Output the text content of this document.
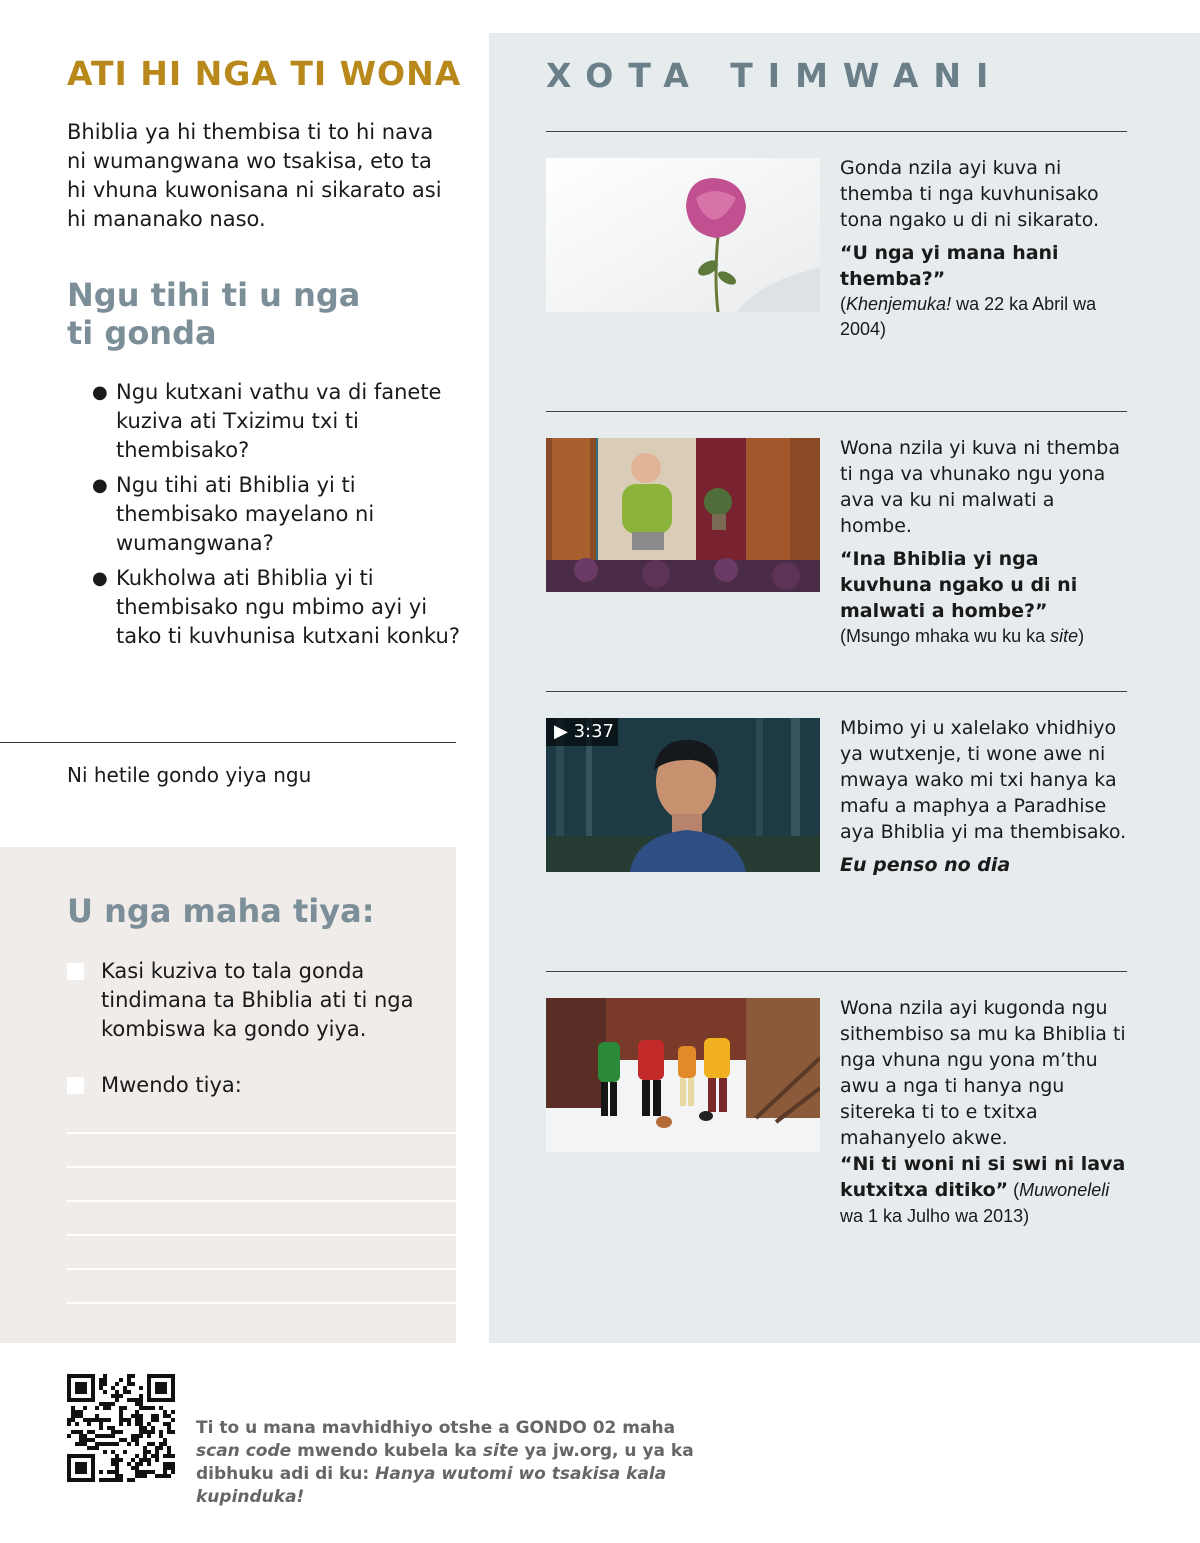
ATI HI NGA TI WONA
Bhiblia ya hi thembisa ti to hi nava ni wumangwana wo tsakisa, eto ta hi vhuna kuwonisana ni sikarato asi hi mananako naso.
Ngu tihi ti u nga ti gonda
● Ngu kutxani vathu va di fanete kuziva ati Txizimu txi ti thembisako?
● Ngu tihi ati Bhiblia yi ti thembisako mayelano ni wumangwana?
● Kukholwa ati Bhiblia yi ti thembisako ngu mbimo ayi yi tako ti kuvhunisa kutxani konku?
Ni hetile gondo yiya ngu
U nga maha tiya:
Kasi kuziva to tala gonda tindimana ta Bhiblia ati ti nga kombiswa ka gondo yiya.
Mwendo tiya:
XOTA TIMWANI
Gonda nzila ayi kuva ni themba ti nga kuvhunisako tona ngako u di ni sikarato.
“U nga yi mana hani themba?”
(Khenjemuka! wa 22 ka Abril wa 2004)
Wona nzila yi kuva ni themba ti nga va vhunako ngu yona ava va ku ni malwati a hombe.
“Ina Bhiblia yi nga kuvhuna ngako u di ni malwati a hombe?”
(Msungo mhaka wu ku ka site)
▶ 3:37	Mbimo yi u xalelako vhidhiyo ya wutxenje, ti wone awe ni mwaya wako mi txi hanya ka mafu a maphya a Paradhise aya Bhiblia yi ma thembisako.
Eu penso no dia
Wona nzila ayi kugonda ngu sithembiso sa mu ka Bhiblia ti nga vhuna ngu yona m’thu awu a nga ti hanya ngu sitereka ti to e txitxa mahanyelo akwe.
“Ni ti woni ni si swi ni lava kutxitxa ditiko” (Muwoneleli wa 1 ka Julho wa 2013)
Ti to u mana mavhidhiyo otshe a GONDO 02 maha scan code mwendo kubela ka site ya jw.org, u ya ka dibhuku adi di ku: Hanya wutomi wo tsakisa kala kupinduka!
